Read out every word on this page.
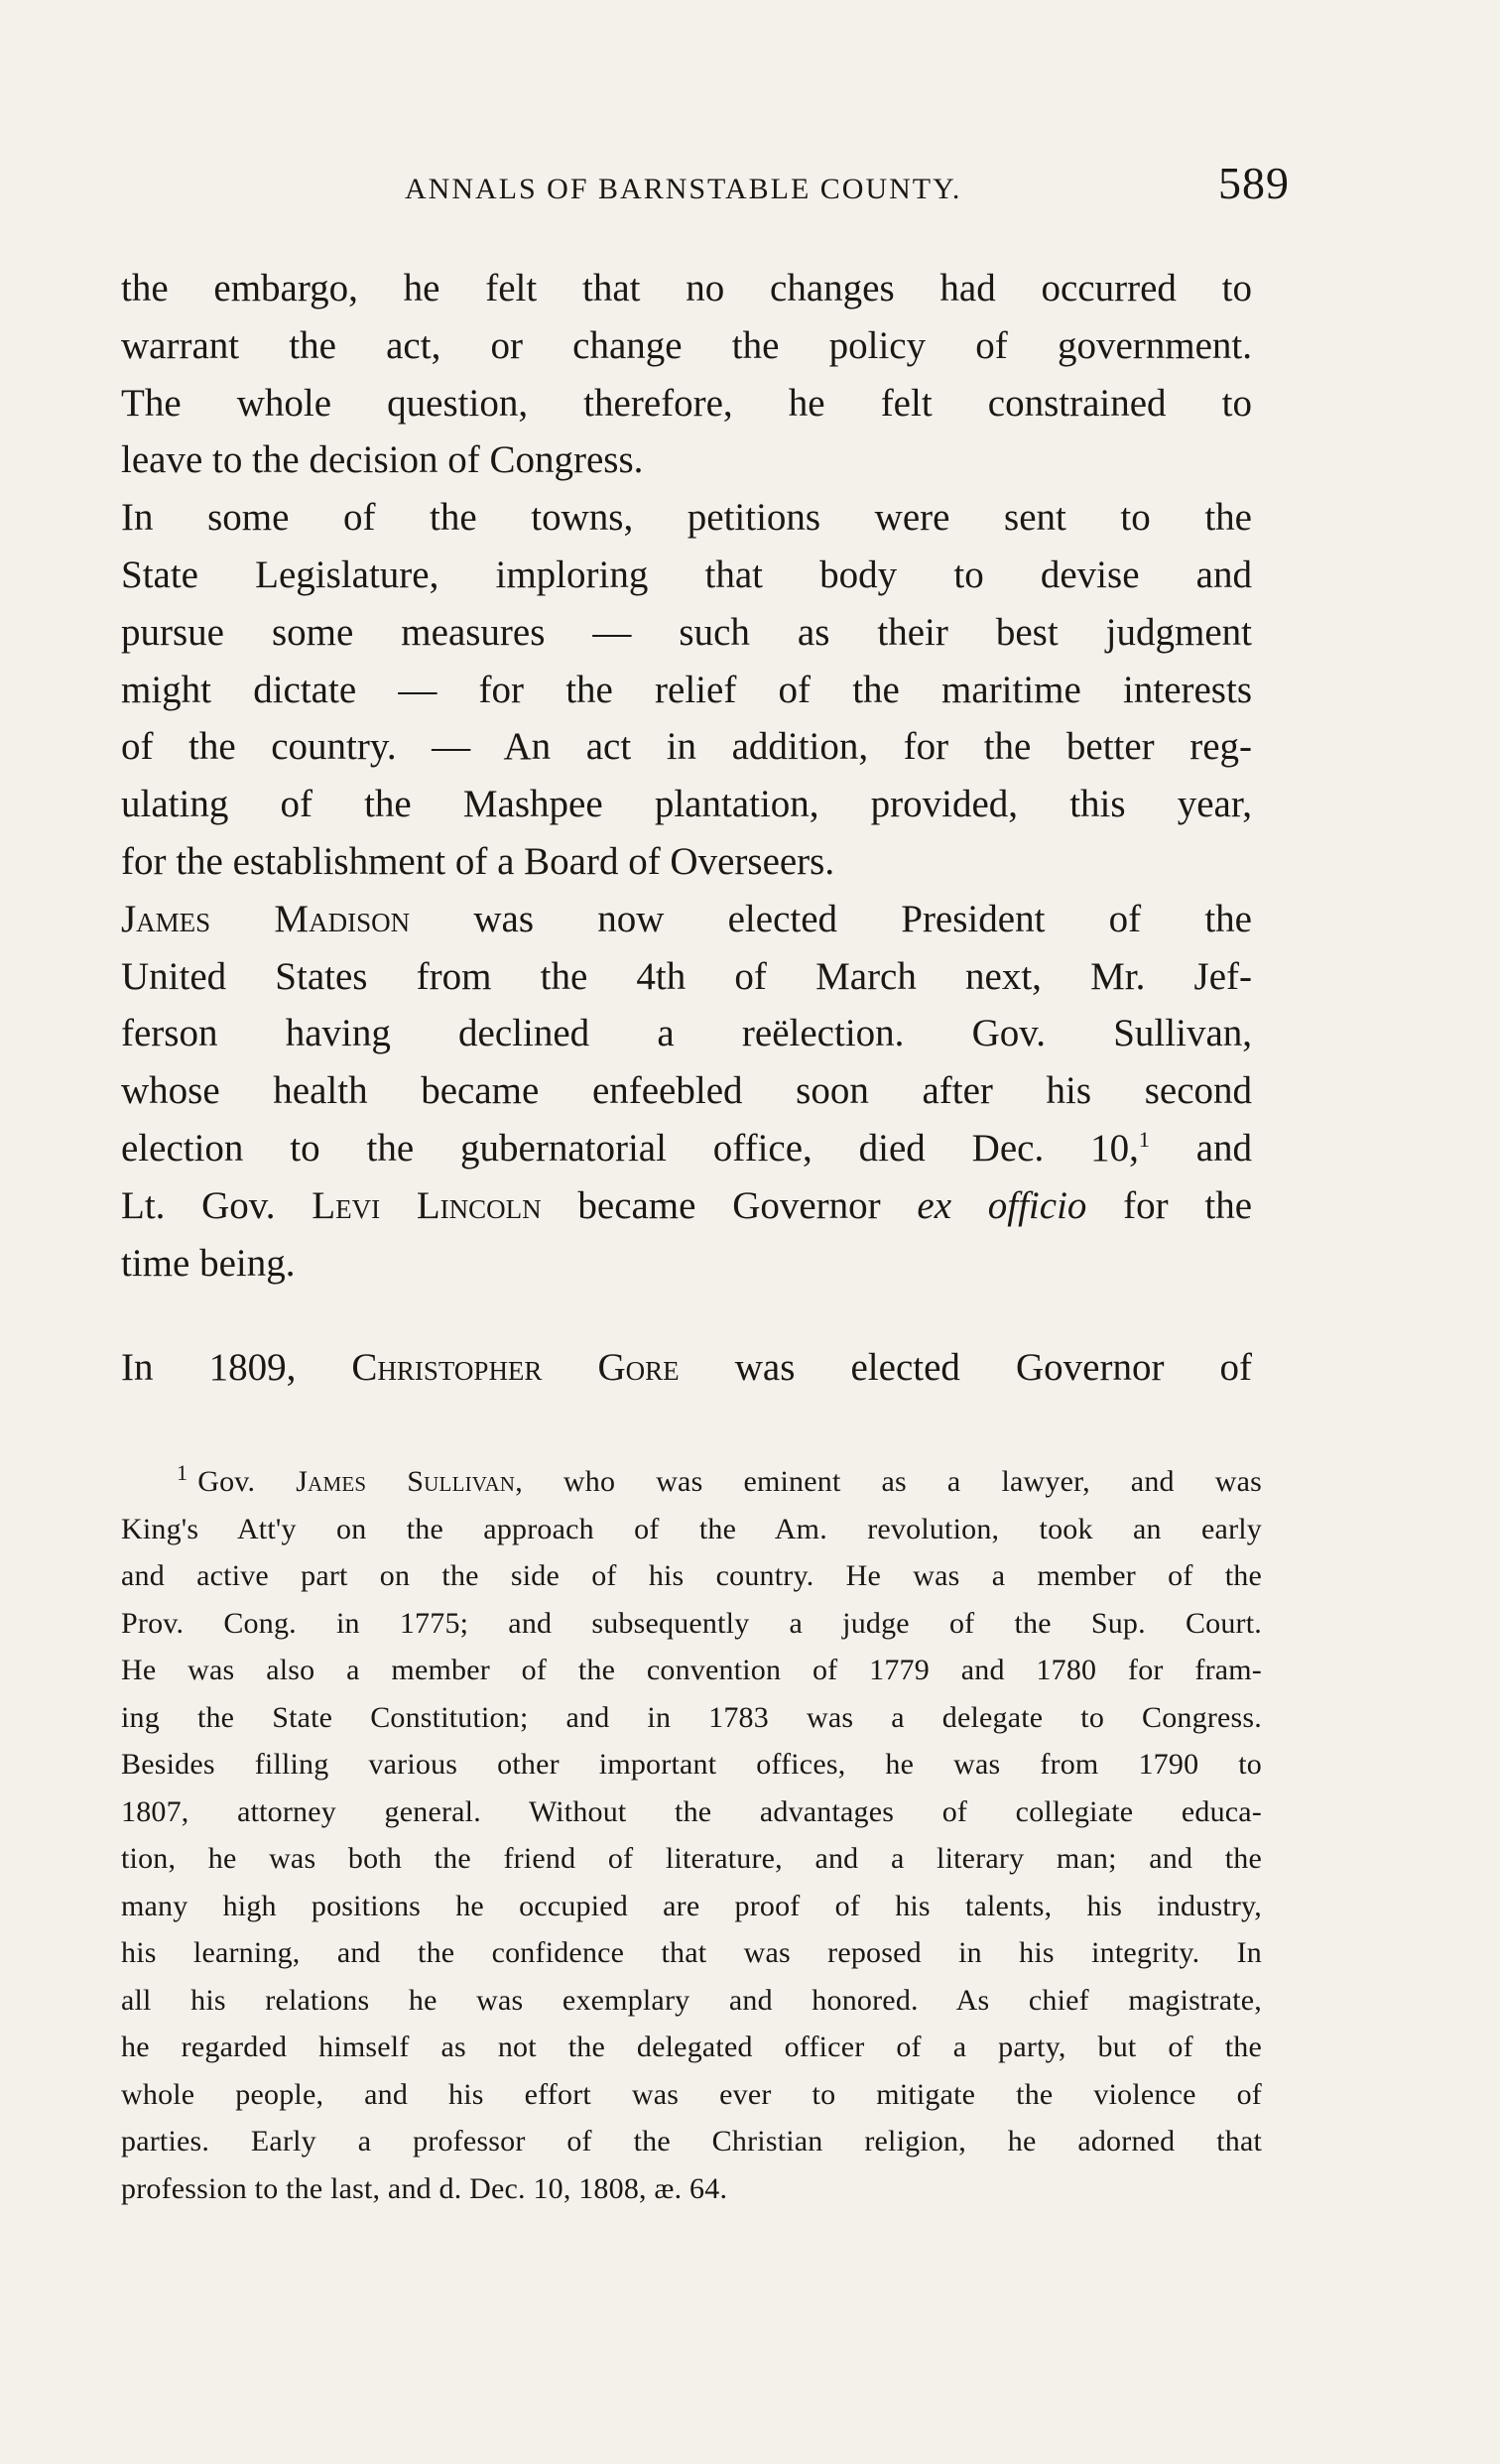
ANNALS OF BARNSTABLE COUNTY.	589
the embargo, he felt that no changes had occurred to
warrant the act, or change the policy of government.
The whole question, therefore, he felt constrained to
leave to the decision of Congress.
In some of the towns, petitions were sent to the
State Legislature, imploring that body to devise and
pursue some measures — such as their best judgment
might dictate — for the relief of the maritime interests
of the country. — An act in addition, for the better reg-
ulating of the Mashpee plantation, provided, this year,
for the establishment of a Board of Overseers.
James Madison was now elected President of the
United States from the 4th of March next, Mr. Jef-
ferson having declined a reëlection. Gov. Sullivan,
whose health became enfeebled soon after his second
election to the gubernatorial office, died Dec. 10,$^1$ and
Lt. Gov. Levi Lincoln became Governor ex officio for the
time being.
In 1809, Christopher Gore was elected Governor of
$^1$ Gov. James Sullivan, who was eminent as a lawyer, and was
King's Att'y on the approach of the Am. revolution, took an early
and active part on the side of his country. He was a member of the
Prov. Cong. in 1775; and subsequently a judge of the Sup. Court.
He was also a member of the convention of 1779 and 1780 for fram-
ing the State Constitution; and in 1783 was a delegate to Congress.
Besides filling various other important offices, he was from 1790 to
1807, attorney general. Without the advantages of collegiate educa-
tion, he was both the friend of literature, and a literary man; and the
many high positions he occupied are proof of his talents, his industry,
his learning, and the confidence that was reposed in his integrity. In
all his relations he was exemplary and honored. As chief magistrate,
he regarded himself as not the delegated officer of a party, but of the
whole people, and his effort was ever to mitigate the violence of
parties. Early a professor of the Christian religion, he adorned that
profession to the last, and d. Dec. 10, 1808, æ. 64.
